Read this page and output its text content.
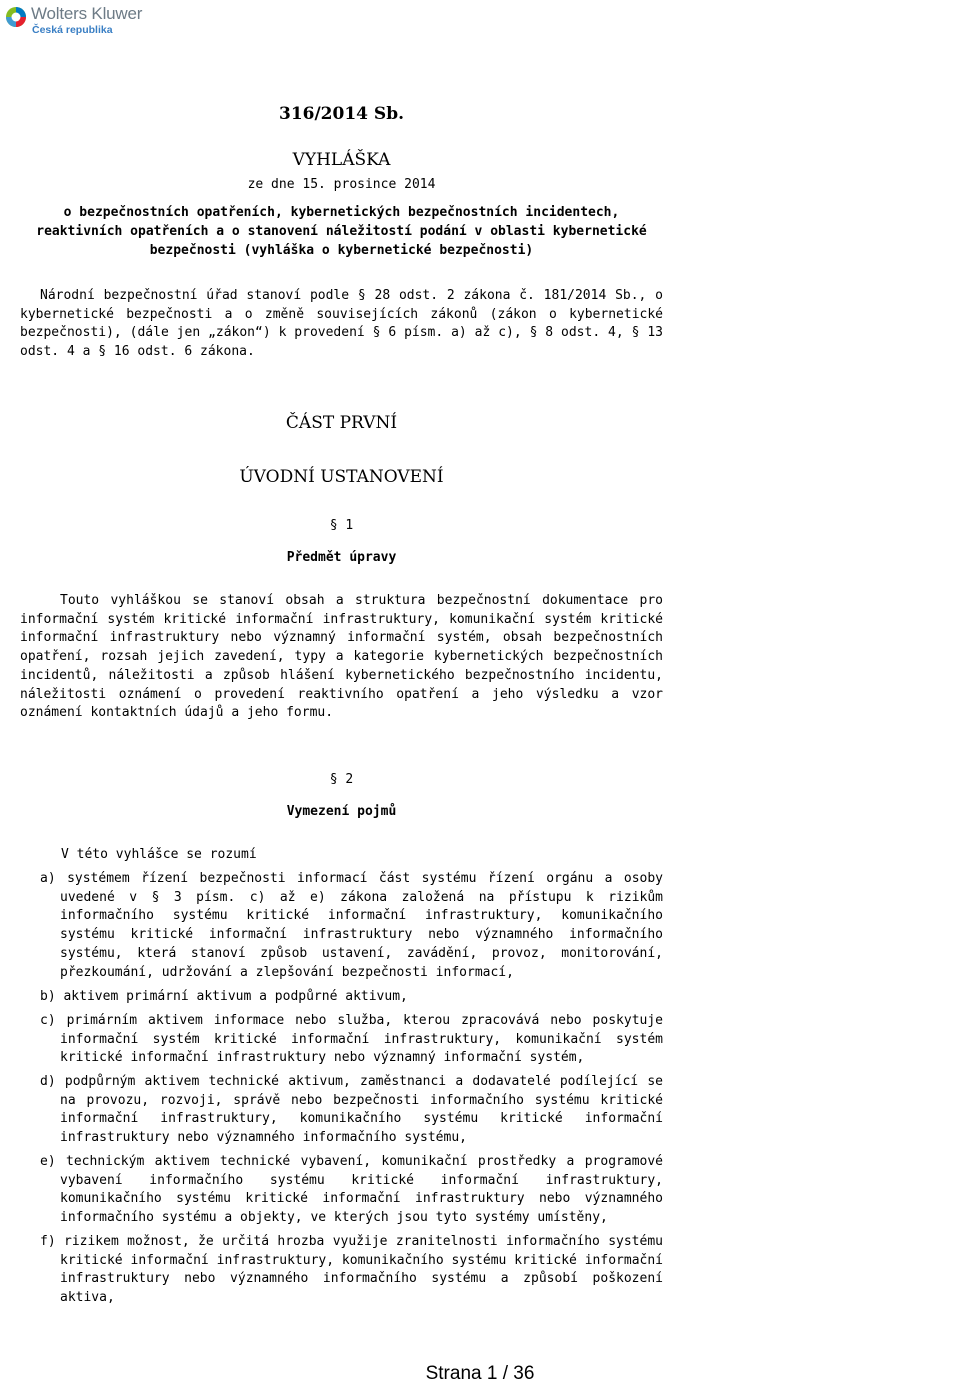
Wolters Kluwer
Česká republika
316/2014 Sb.
VYHLÁŠKA
ze dne 15. prosince 2014
o bezpečnostních opatřeních, kybernetických bezpečnostních incidentech, reaktivních opatřeních a o stanovení náležitostí podání v oblasti kybernetické bezpečnosti (vyhláška o kybernetické bezpečnosti)
Národní bezpečnostní úřad stanoví podle § 28 odst. 2 zákona č. 181/2014 Sb., o kybernetické bezpečnosti a o změně souvisejících zákonů (zákon o kybernetické bezpečnosti), (dále jen „zákon“) k provedení § 6 písm. a) až c), § 8 odst. 4, § 13 odst. 4 a § 16 odst. 6 zákona.
ČÁST PRVNÍ
ÚVODNÍ USTANOVENÍ
§ 1
Předmět úpravy
Touto vyhláškou se stanoví obsah a struktura bezpečnostní dokumentace pro informační systém kritické informační infrastruktury, komunikační systém kritické informační infrastruktury nebo významný informační systém, obsah bezpečnostních opatření, rozsah jejich zavedení, typy a kategorie kybernetických bezpečnostních incidentů, náležitosti a způsob hlášení kybernetického bezpečnostního incidentu, náležitosti oznámení o provedení reaktivního opatření a jeho výsledku a vzor oznámení kontaktních údajů a jeho formu.
§ 2
Vymezení pojmů
V této vyhlášce se rozumí
a) systémem řízení bezpečnosti informací část systému řízení orgánu a osoby uvedené v § 3 písm. c) až e) zákona založená na přístupu k rizikům informačního systému kritické informační infrastruktury, komunikačního systému kritické informační infrastruktury nebo významného informačního systému, která stanoví způsob ustavení, zavádění, provoz, monitorování, přezkoumání, udržování a zlepšování bezpečnosti informací,
b) aktivem primární aktivum a podpůrné aktivum,
c) primárním aktivem informace nebo služba, kterou zpracovává nebo poskytuje informační systém kritické informační infrastruktury, komunikační systém kritické informační infrastruktury nebo významný informační systém,
d) podpůrným aktivem technické aktivum, zaměstnanci a dodavatelé podílející se na provozu, rozvoji, správě nebo bezpečnosti informačního systému kritické informační infrastruktury, komunikačního systému kritické informační infrastruktury nebo významného informačního systému,
e) technickým aktivem technické vybavení, komunikační prostředky a programové vybavení informačního systému kritické informační infrastruktury, komunikačního systému kritické informační infrastruktury nebo významného informačního systému a objekty, ve kterých jsou tyto systémy umístěny,
f) rizikem možnost, že určitá hrozba využije zranitelnosti informačního systému kritické informační infrastruktury, komunikačního systému kritické informační infrastruktury nebo významného informačního systému a způsobí poškození aktiva,
Strana 1 / 36
